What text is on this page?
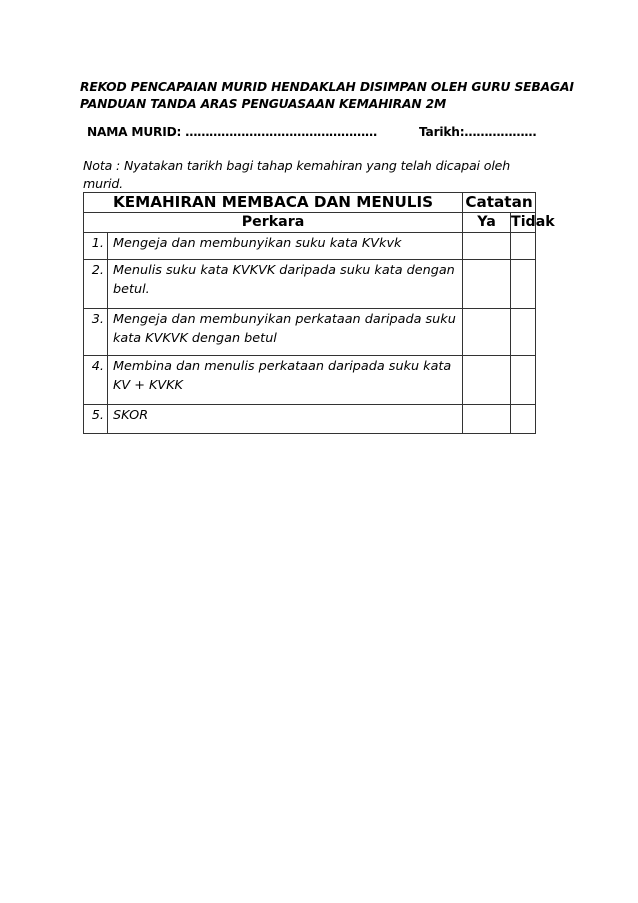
REKOD PENCAPAIAN MURID HENDAKLAH DISIMPAN OLEH GURU SEBAGAI
PANDUAN TANDA ARAS PENGUASAAN KEMAHIRAN 2M
NAMA MURID: …………………………………………	Tarikh:………………
Nota : Nyatakan tarikh bagi tahap kemahiran yang telah dicapai oleh
murid.
KEMAHIRAN MEMBACA DAN MENULIS		Catatan	
Perkara		Ya	Tidak
1.	Mengeja dan membunyikan suku kata KVkvk		

2.	Menulis suku kata KVKVK daripada suku kata dengan
betul.		

3.	Mengeja dan membunyikan perkataan daripada suku
kata KVKVK dengan betul		

4.	Membina dan menulis perkataan daripada suku kata
KV + KVKK		

5.	SKOR		
